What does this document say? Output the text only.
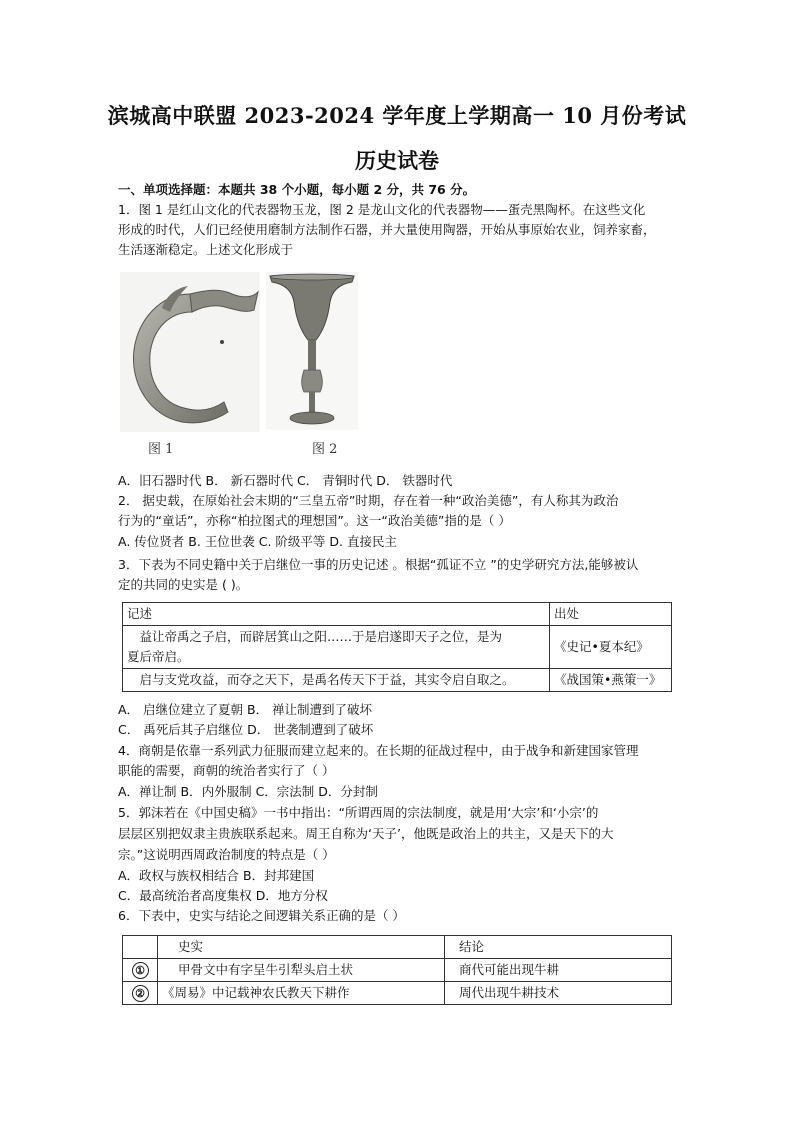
滨城高中联盟 2023-2024 学年度上学期高一 10 月份考试
历史试卷
一、单项选择题：本题共 38 个小题，每小题 2 分，共 76 分。
1．图 1 是红山文化的代表器物玉龙，图 2 是龙山文化的代表器物——蛋壳黑陶杯。在这些文化
形成的时代，人们已经使用磨制方法制作石器，并大量使用陶器，开始从事原始农业，饲养家畜，
生活逐渐稳定。上述文化形成于
图 1	图 2
A．旧石器时代 B． 新石器时代 C． 青铜时代 D． 铁器时代
2． 据史载，在原始社会末期的“三皇五帝”时期，存在着一种“政治美德”，有人称其为政治
行为的“童话”，亦称“柏拉图式的理想国”。这一“政治美德”指的是（ ）
A. 传位贤者 B. 王位世袭 C. 阶级平等 D. 直接民主
3．下表为不同史籍中关于启继位一事的历史记述 。根据“孤证不立 ”的史学研究方法,能够被认
定的共同的史实是 ( )。
记述	出处

　益让帝禹之子启，而辟居箕山之阳……于是启遂即天子之位，是为
夏后帝启。	《史记•夏本纪》
　启与支党攻益，而夺之天下，是禹名传天下于益，其实令启自取之。	《战国策•燕策一》
A． 启继位建立了夏朝 B． 禅让制遭到了破坏
C． 禹死后其子启继位 D． 世袭制遭到了破坏
4．商朝是依靠一系列武力征服而建立起来的。在长期的征战过程中，由于战争和新建国家管理
职能的需要，商朝的统治者实行了（ ）
A．禅让制 B．内外服制 C．宗法制 D．分封制
5．郭沫若在《中国史稿》一书中指出：“所谓西周的宗法制度，就是用‘大宗’和‘小宗’的
层层区别把奴隶主贵族联系起来。周王自称为‘天子’，他既是政治上的共主，又是天下的大
宗。”这说明西周政治制度的特点是（ ）
A．政权与族权相结合 B．封邦建国
C．最高统治者高度集权 D．地方分权
6．下表中，史实与结论之间逻辑关系正确的是（ ）
	史实	结论
①	甲骨文中有字呈牛引犁头启土状	商代可能出现牛耕
②	《周易》中记载神农氏教天下耕作	周代出现牛耕技术
